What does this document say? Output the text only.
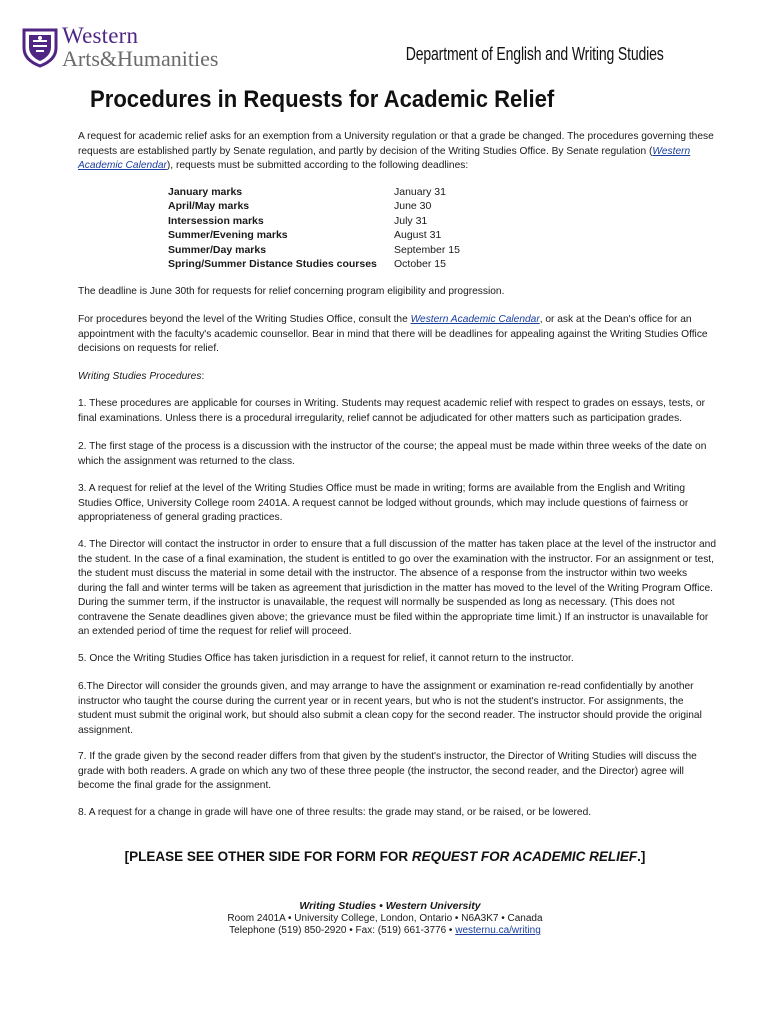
Western
Arts&Humanities	Department of English and Writing Studies
Procedures in Requests for Academic Relief

A request for academic relief asks for an exemption from a University regulation or that a grade be changed. The procedures governing these requests are established partly by Senate regulation, and partly by decision of the Writing Studies Office. By Senate regulation (Western Academic Calendar), requests must be submitted according to the following deadlines:

January marks	January 31
April/May marks	June 30
Intersession marks	July 31
Summer/Evening marks	August 31
Summer/Day marks	September 15
Spring/Summer Distance Studies courses	October 15
The deadline is June 30th for requests for relief concerning program eligibility and progression.
For procedures beyond the level of the Writing Studies Office, consult the Western Academic Calendar, or ask at the Dean's office for an appointment with the faculty's academic counsellor. Bear in mind that there will be deadlines for appealing against the Writing Studies Office decisions on requests for relief.
Writing Studies Procedures:
1. These procedures are applicable for courses in Writing. Students may request academic relief with respect to grades on essays, tests, or final examinations. Unless there is a procedural irregularity, relief cannot be adjudicated for other matters such as participation grades.
2. The first stage of the process is a discussion with the instructor of the course; the appeal must be made within three weeks of the date on which the assignment was returned to the class.
3. A request for relief at the level of the Writing Studies Office must be made in writing; forms are available from the English and Writing Studies Office, University College room 2401A. A request cannot be lodged without grounds, which may include questions of fairness or appropriateness of general grading practices.
4. The Director will contact the instructor in order to ensure that a full discussion of the matter has taken place at the level of the instructor and the student. In the case of a final examination, the student is entitled to go over the examination with the instructor. For an assignment or test, the student must discuss the material in some detail with the instructor. The absence of a response from the instructor within two weeks during the fall and winter terms will be taken as agreement that jurisdiction in the matter has moved to the level of the Writing Program Office. During the summer term, if the instructor is unavailable, the request will normally be suspended as long as necessary. (This does not contravene the Senate deadlines given above; the grievance must be filed within the appropriate time limit.) If an instructor is unavailable for an extended period of time the request for relief will proceed.
5. Once the Writing Studies Office has taken jurisdiction in a request for relief, it cannot return to the instructor.
6.The Director will consider the grounds given, and may arrange to have the assignment or examination re-read confidentially by another instructor who taught the course during the current year or in recent years, but who is not the student's instructor. For assignments, the student must submit the original work, but should also submit a clean copy for the second reader. The instructor should provide the original assignment.
7. If the grade given by the second reader differs from that given by the student's instructor, the Director of Writing Studies will discuss the grade with both readers. A grade on which any two of these three people (the instructor, the second reader, and the Director) agree will become the final grade for the assignment.
8. A request for a change in grade will have one of three results: the grade may stand, or be raised, or be lowered.
[PLEASE SEE OTHER SIDE FOR FORM FOR REQUEST FOR ACADEMIC RELIEF.]
Writing Studies • Western University
Room 2401A • University College, London, Ontario • N6A3K7 • Canada
Telephone (519) 850-2920 • Fax: (519) 661-3776 • westernu.ca/writing
